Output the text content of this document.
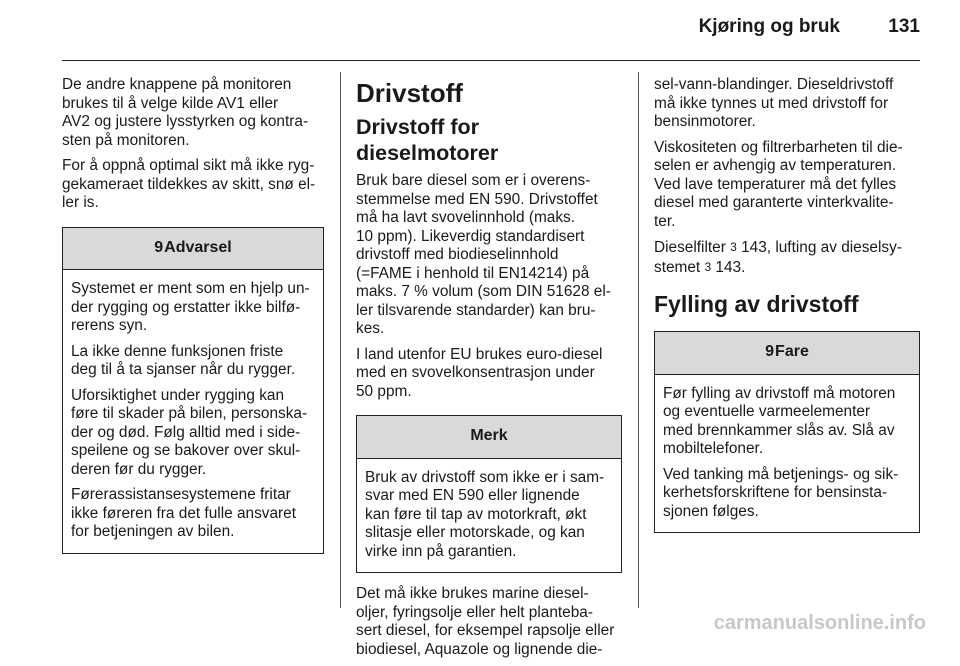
Kjøring og bruk	131

De andre knappene på monitoren
brukes til å velge kilde AV1 eller
AV2 og justere lysstyrken og kontra-
sten på monitoren.

For å oppnå optimal sikt må ikke ryg-
gekameraet tildekkes av skitt, snø el-
ler is.

9Advarsel

Systemet er ment som en hjelp un-
der rygging og erstatter ikke bilfø-
rerens syn.

La ikke denne funksjonen friste
deg til å ta sjanser når du rygger.

Uforsiktighet under rygging kan
føre til skader på bilen, personska-
der og død. Følg alltid med i side-
speilene og se bakover over skul-
deren før du rygger.

Førerassistansesystemene fritar
ikke føreren fra det fulle ansvaret
for betjeningen av bilen.

Drivstoff
Drivstoff for dieselmotorer

Bruk bare diesel som er i overens-
stemmelse med EN 590. Drivstoffet
må ha lavt svovelinnhold (maks.
10 ppm). Likeverdig standardisert
drivstoff med biodieselinnhold
(=FAME i henhold til EN14214) på
maks. 7 % volum (som DIN 51628 el-
ler tilsvarende standarder) kan bru-
kes.

I land utenfor EU brukes euro-diesel
med en svovelkonsentrasjon under
50 ppm.

Merk

Bruk av drivstoff som ikke er i sam-
svar med EN 590 eller lignende
kan føre til tap av motorkraft, økt
slitasje eller motorskade, og kan
virke inn på garantien.

Det må ikke brukes marine diesel-
oljer, fyringsolje eller helt planteba-
sert diesel, for eksempel rapsolje eller
biodiesel, Aquazole og lignende die-

sel-vann-blandinger. Dieseldrivstoff
må ikke tynnes ut med drivstoff for
bensinmotorer.

Viskositeten og filtrerbarheten til die-
selen er avhengig av temperaturen.
Ved lave temperaturer må det fylles
diesel med garanterte vinterkvalite-
ter.

Dieselfilter 3 143, lufting av dieselsy-
stemet 3 143.

Fylling av drivstoff
9Fare

Før fylling av drivstoff må motoren
og eventuelle varmeelementer
med brennkammer slås av. Slå av
mobiltelefoner.

Ved tanking må betjenings- og sik-
kerhetsforskriftene for bensinsta-
sjonen følges.

carmanualsonline.info
